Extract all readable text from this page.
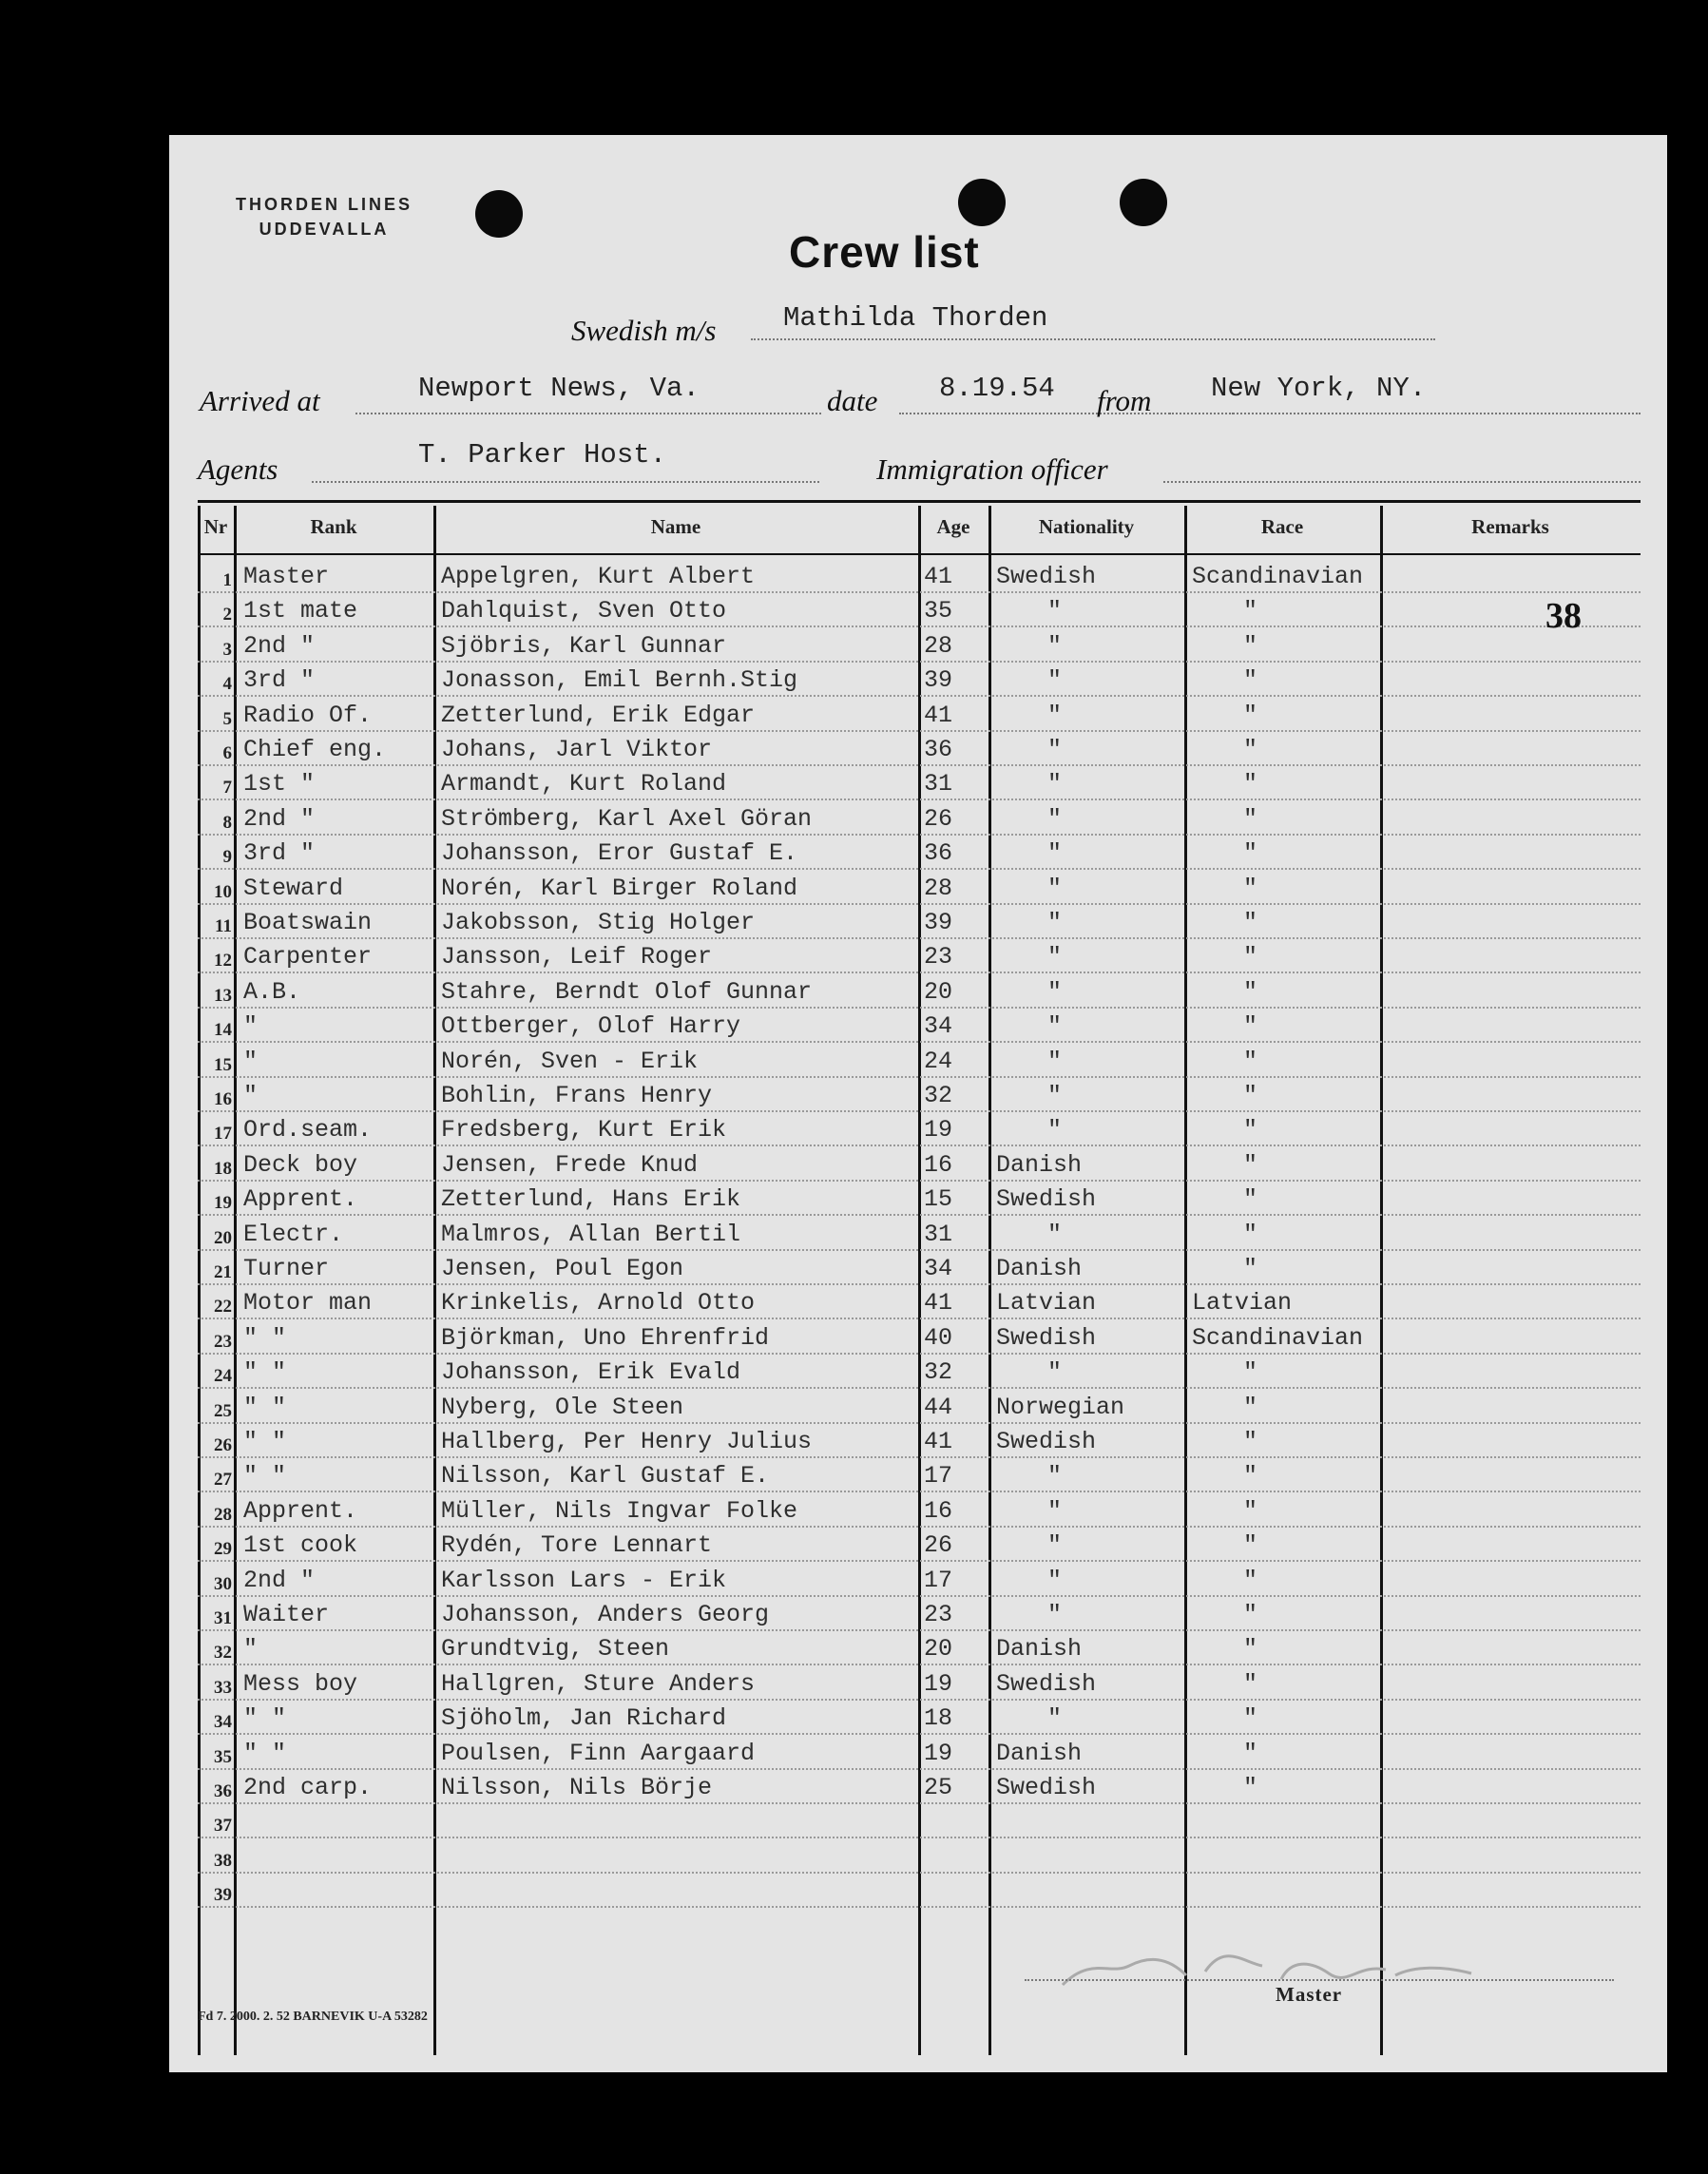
THORDEN LINES
UDDEVALLA	Crew list
Swedish m/s Mathilda Thorden
Arrived at	Newport News, Va.	date 8.19.54 from New York, NY.
Agents	T. Parker Host.	Immigration officer
Nr	Rank	Name	Age	Nationality	Race	Remarks
1 Master	Appelgren, Kurt Albert	41 Swedish	Scandinavian
2 1st mate	Dahlquist, Sven Otto	35	"	"
3 2nd "	Sjöbris, Karl Gunnar	28	"	"
4 3rd "	Jonasson, Emil Bernh.Stig	39	"	"
5 Radio Of.	Zetterlund, Erik Edgar	41	"	"
6 Chief eng. Johans, Jarl Viktor	36	"	"
7 1st "	Armandt, Kurt Roland	31	"	"
8 2nd "	Strömberg, Karl Axel Göran	26	"	"
9 3rd "	Johansson, Eror Gustaf E.	36	"	"
10 Steward	Norén, Karl Birger Roland	28	"	"
11 Boatswain	Jakobsson, Stig Holger	39	"	"
12 Carpenter	Jansson, Leif Roger	23	"	"
13 A.B.	Stahre, Berndt Olof Gunnar	20	"	"
14 "	Ottberger, Olof Harry	34	"	"
15 "	Norén, Sven - Erik	24	"	"
16 "	Bohlin, Frans Henry	32	"	"
17 Ord.seam.	Fredsberg, Kurt Erik	19	"	"
18 Deck boy	Jensen, Frede Knud	16 Danish	"
19 Apprent.	Zetterlund, Hans Erik	15 Swedish	"
20 Electr.	Malmros, Allan Bertil	31	"	"
21 Turner	Jensen, Poul Egon	34 Danish	"
22 Motor man	Krinkelis, Arnold Otto	41 Latvian	Latvian
23 " "	Björkman, Uno Ehrenfrid	40 Swedish	Scandinavian
24 " "	Johansson, Erik Evald	32	"	"
25 " "	Nyberg, Ole Steen	44 Norwegian	"
26 " "	Hallberg, Per Henry Julius	41 Swedish	"
27 " "	Nilsson, Karl Gustaf E.	17	"	"
28 Apprent.	Müller, Nils Ingvar Folke	16	"	"
29 1st cook	Rydén, Tore Lennart	26	"	"
30 2nd "	Karlsson Lars - Erik	17	"	"
31 Waiter	Johansson, Anders Georg	23	"	"
32 "	Grundtvig, Steen	20 Danish	"
33 Mess boy	Hallgren, Sture Anders	19 Swedish	"
34 " "	Sjöholm, Jan Richard	18	"	"
35 " "	Poulsen, Finn Aargaard	19 Danish	"
36 2nd carp.	Nilsson, Nils Börje	25 Swedish	"
37
38
39
38
Master
Fd 7. 2000. 2. 52 BARNEVIK U-A 53282
